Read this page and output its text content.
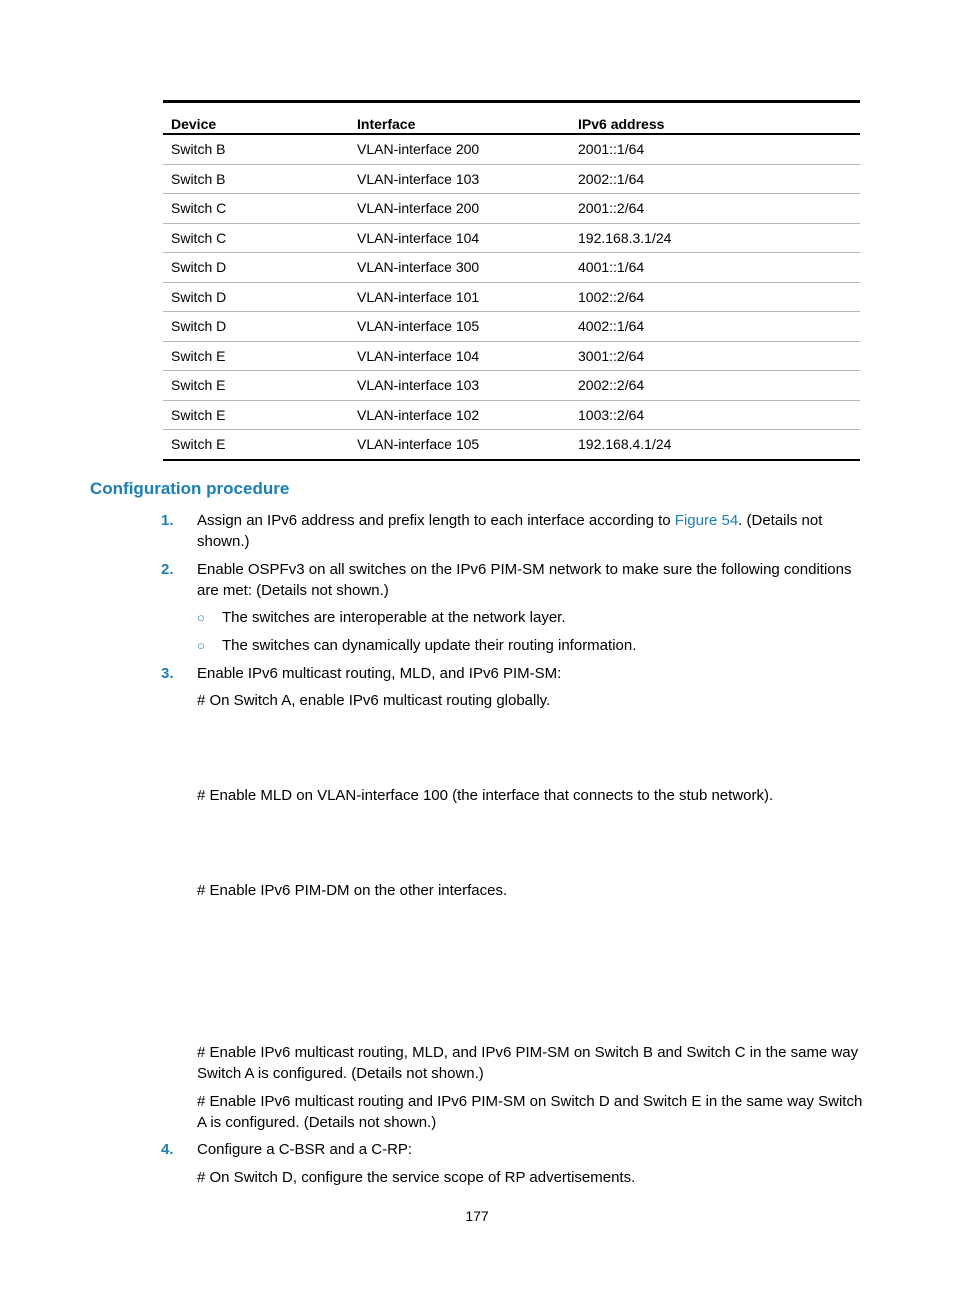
Device	Interface	IPv6 address
Switch B	VLAN-interface 200	2001::1/64
Switch B	VLAN-interface 103	2002::1/64
Switch C	VLAN-interface 200	2001::2/64
Switch C	VLAN-interface 104	192.168.3.1/24
Switch D	VLAN-interface 300	4001::1/64
Switch D	VLAN-interface 101	1002::2/64
Switch D	VLAN-interface 105	4002::1/64
Switch E	VLAN-interface 104	3001::2/64
Switch E	VLAN-interface 103	2002::2/64
Switch E	VLAN-interface 102	1003::2/64
Switch E	VLAN-interface 105	192.168.4.1/24
Configuration procedure
1. Assign an IPv6 address and prefix length to each interface according to Figure 54. (Details not shown.)
2. Enable OSPFv3 on all switches on the IPv6 PIM-SM network to make sure the following conditions are met: (Details not shown.)
○ The switches are interoperable at the network layer.
○ The switches can dynamically update their routing information.
3. Enable IPv6 multicast routing, MLD, and IPv6 PIM-SM:
# On Switch A, enable IPv6 multicast routing globally.
# Enable MLD on VLAN-interface 100 (the interface that connects to the stub network).
# Enable IPv6 PIM-DM on the other interfaces.
# Enable IPv6 multicast routing, MLD, and IPv6 PIM-SM on Switch B and Switch C in the same way Switch A is configured. (Details not shown.)
# Enable IPv6 multicast routing and IPv6 PIM-SM on Switch D and Switch E in the same way Switch A is configured. (Details not shown.)
4. Configure a C-BSR and a C-RP:
# On Switch D, configure the service scope of RP advertisements.
177
